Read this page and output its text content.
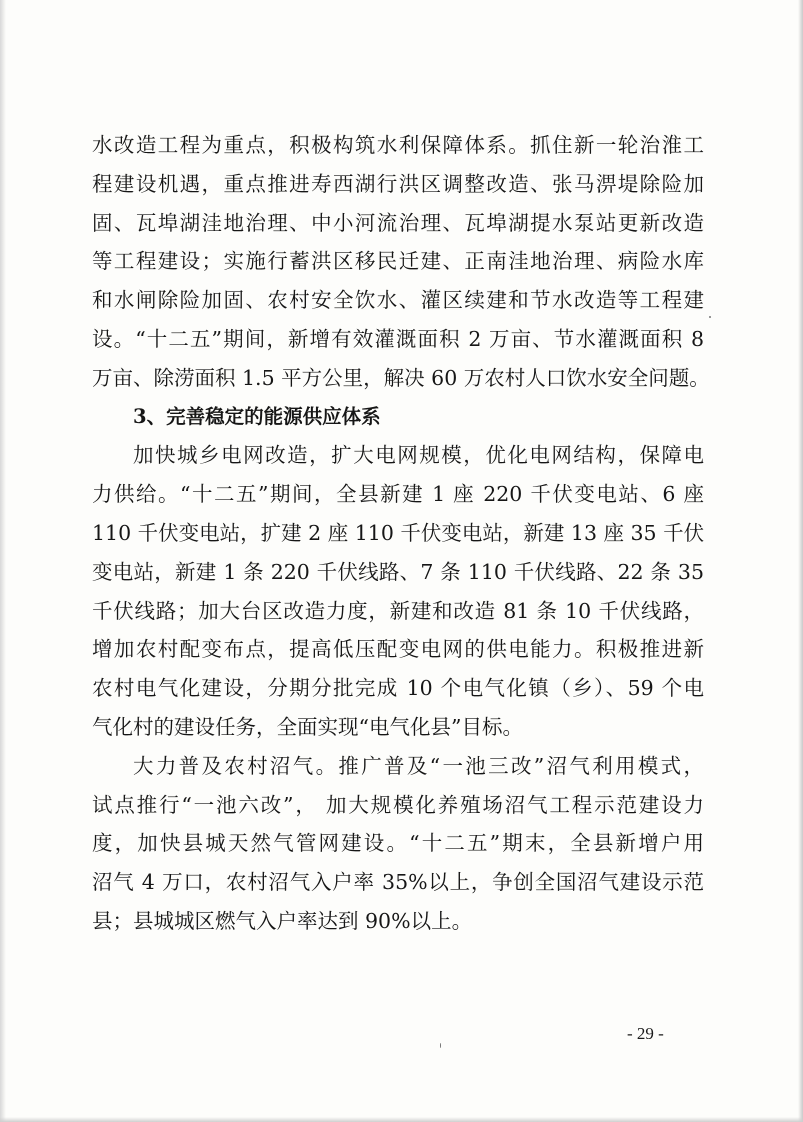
水改造工程为重点，积极构筑水利保障体系。抓住新一轮治淮工
程建设机遇，重点推进寿西湖行洪区调整改造、张马淠堤除险加
固、瓦埠湖洼地治理、中小河流治理、瓦埠湖提水泵站更新改造
等工程建设；实施行蓄洪区移民迁建、正南洼地治理、病险水库
和水闸除险加固、农村安全饮水、灌区续建和节水改造等工程建
设。“十二五”期间，新增有效灌溉面积 2 万亩、节水灌溉面积 8
万亩、除涝面积 1.5 平方公里，解决 60 万农村人口饮水安全问题。
3、完善稳定的能源供应体系
加快城乡电网改造，扩大电网规模，优化电网结构，保障电
力供给。“十二五”期间，全县新建 1 座 220 千伏变电站、6 座
110 千伏变电站，扩建 2 座 110 千伏变电站，新建 13 座 35 千伏
变电站，新建 1 条 220 千伏线路、7 条 110 千伏线路、22 条 35
千伏线路；加大台区改造力度，新建和改造 81 条 10 千伏线路，
增加农村配变布点，提高低压配变电网的供电能力。积极推进新
农村电气化建设，分期分批完成 10 个电气化镇（乡）、59 个电
气化村的建设任务，全面实现“电气化县”目标。
大力普及农村沼气。推广普及“一池三改”沼气利用模式，
试点推行“一池六改”， 加大规模化养殖场沼气工程示范建设力
度，加快县城天然气管网建设。“十二五”期末，全县新增户用
沼气 4 万口，农村沼气入户率 35%以上，争创全国沼气建设示范
县；县城城区燃气入户率达到 90%以上。
- 29 -
